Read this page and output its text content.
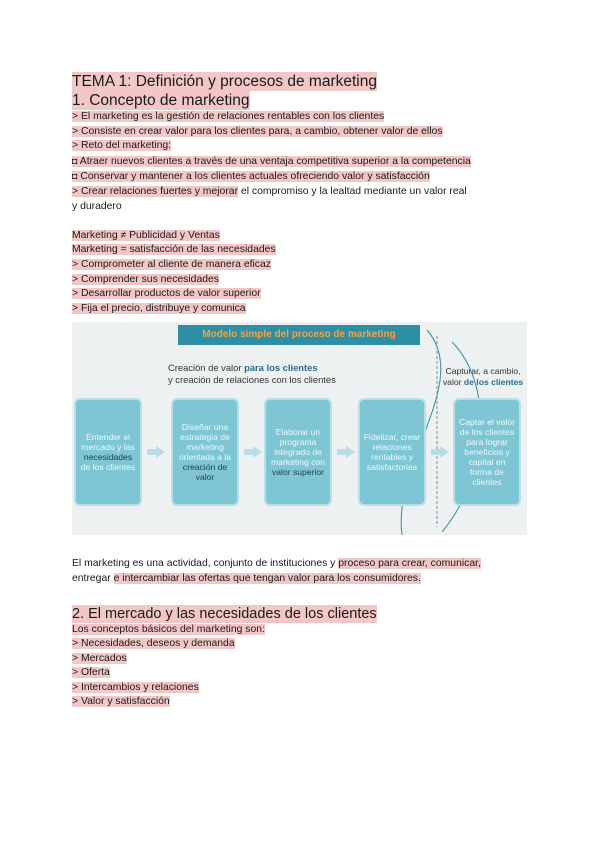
TEMA 1: Definición y procesos de marketing
1. Concepto de marketing
> El marketing es la gestión de relaciones rentables con los clientes
> Consiste en crear valor para los clientes para, a cambio, obtener valor de ellos
> Reto del marketing:
◘ Atraer nuevos clientes a través de una ventaja competitiva superior a la competencia
◘ Conservar y mantener a los clientes actuales ofreciendo valor y satisfacción
> Crear relaciones fuertes y mejorar el compromiso y la lealtad mediante un valor real
y duradero
Marketing ≠ Publicidad y Ventas
Marketing = satisfacción de las necesidades
> Comprometer al cliente de manera eficaz
> Comprender sus necesidades
> Desarrollar productos de valor superior
> Fija el precio, distribuye y comunica
Modelo simple del proceso de marketing
Creación de valor para los clientes
y creación de relaciones con los clientes
Capturar, a cambio,
valor de los clientes
Entender el mercado y las necesidades de los clientes
Diseñar una estrategia de marketing orientada a la creación de valor
Elaborar un programa integrado de marketing con valor superior
Fidelizar, crear relaciones rentables y satisfactorias
Captar el valor de los clientes para lograr beneficios y capital en forma de clientes
El marketing es una actividad, conjunto de instituciones y proceso para crear, comunicar,
entregar e intercambiar las ofertas que tengan valor para los consumidores.
2. El mercado y las necesidades de los clientes
Los conceptos básicos del marketing son:
> Necesidades, deseos y demanda
> Mercados
> Oferta
> Intercambios y relaciones
> Valor y satisfacción
